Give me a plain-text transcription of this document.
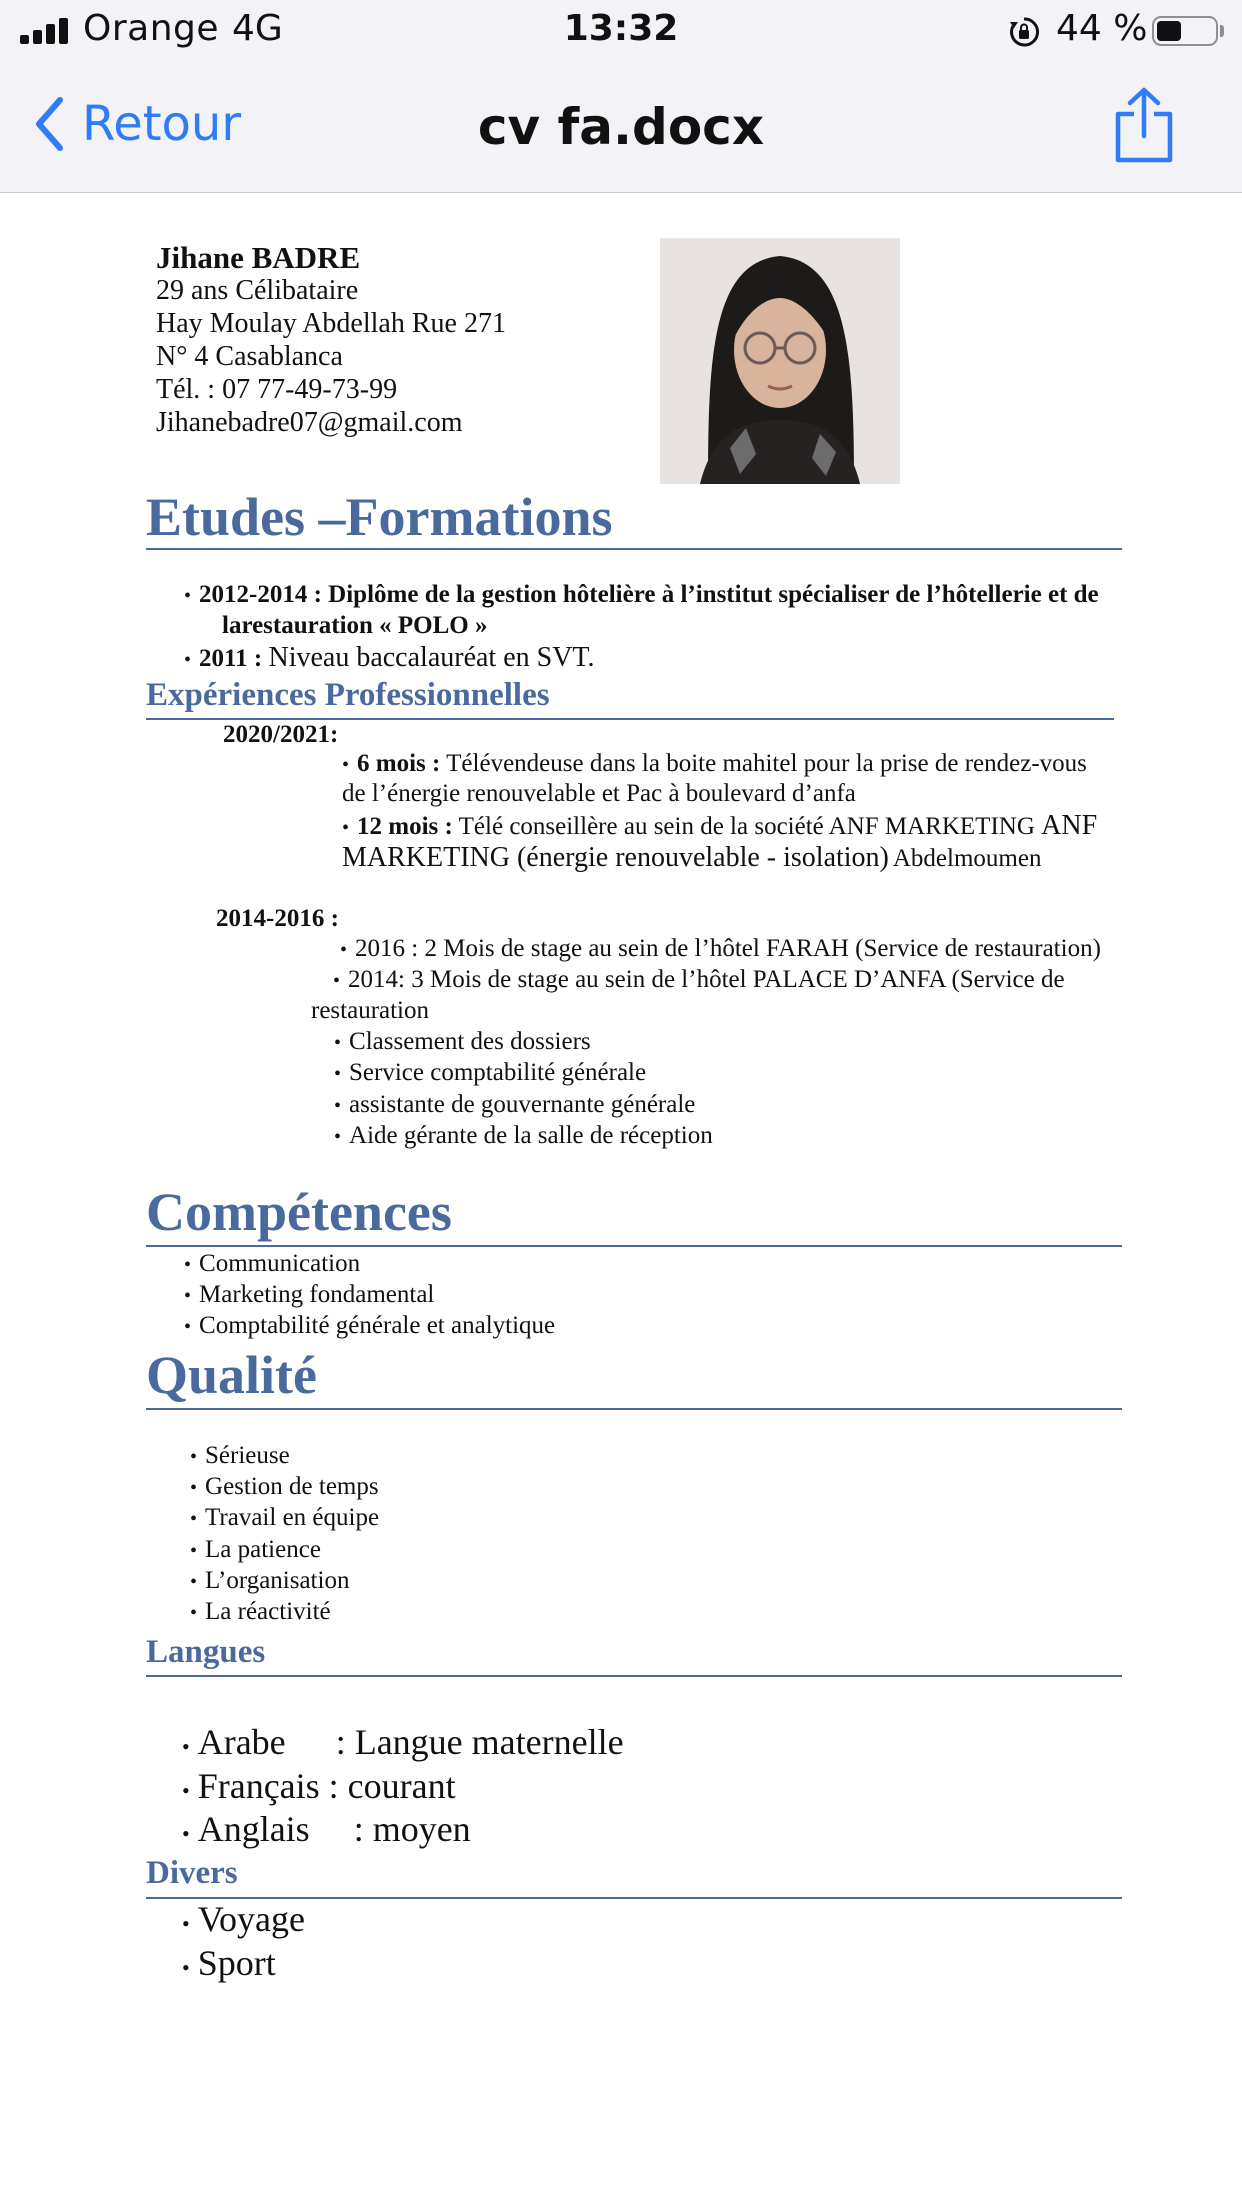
Orange 4G	13:32	44 %
Retour	cv fa.docx
Jihane BADRE
29 ans Célibataire
Hay Moulay Abdellah Rue 271
N° 4 Casablanca
Tél. : 07 77-49-73-99
Jihanebadre07@gmail.com
Etudes –Formations
• 2012-2014 : Diplôme de la gestion hôtelière à l’institut spécialiser de l’hôtellerie et de
larestauration « POLO »
• 2011 : Niveau baccalauréat en SVT.
Expériences Professionnelles
2020/2021:
• 6 mois : Télévendeuse dans la boite mahitel pour la prise de rendez-vous
de l’énergie renouvelable et Pac à boulevard d’anfa
• 12 mois : Télé conseillère au sein de la société ANF MARKETING ANF
MARKETING (énergie renouvelable - isolation) Abdelmoumen
2014-2016 :
• 2016 : 2 Mois de stage au sein de l’hôtel FARAH (Service de restauration)
• 2014: 3 Mois de stage au sein de l’hôtel PALACE D’ANFA (Service de
restauration
• Classement des dossiers
• Service comptabilité générale
• assistante de gouvernante générale
• Aide gérante de la salle de réception
Compétences
• Communication
• Marketing fondamental
• Comptabilité générale et analytique
Qualité
• Sérieuse
• Gestion de temps
• Travail en équipe
• La patience
• L’organisation
• La réactivité
Langues
• Arabe : Langue maternelle
• Français : courant
• Anglais : moyen
Divers
• Voyage
• Sport
